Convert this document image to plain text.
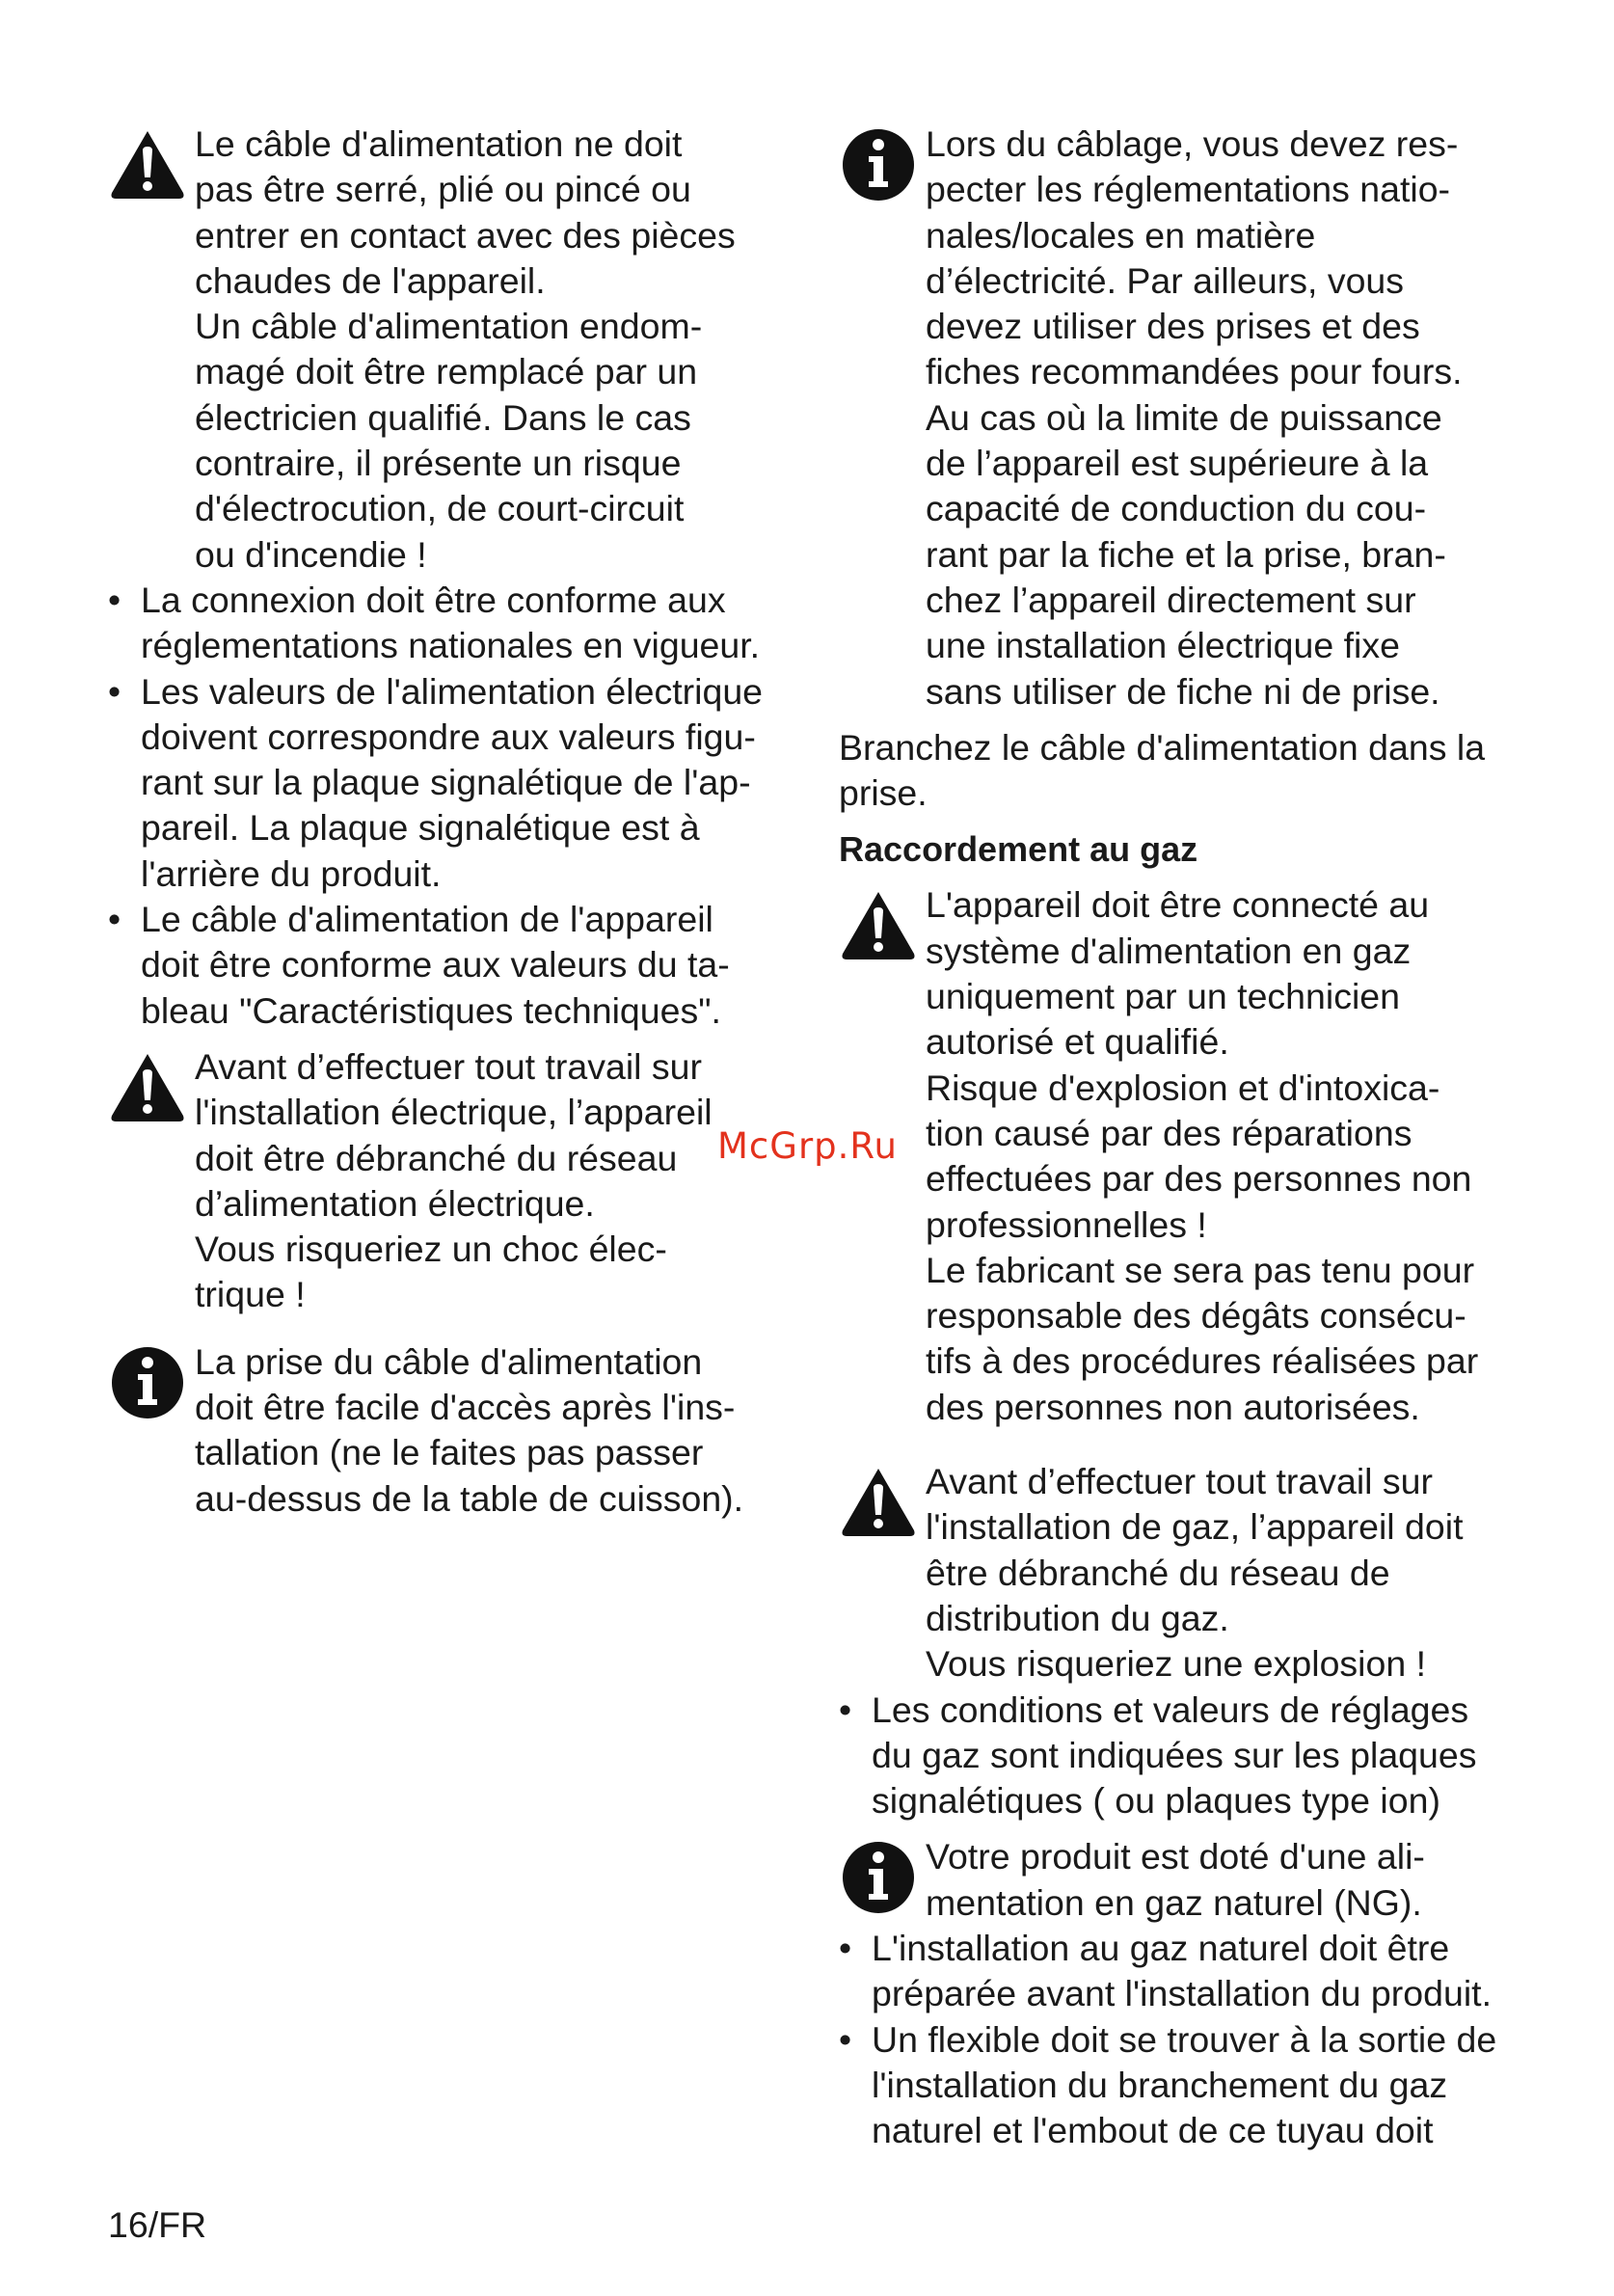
Le câble d'alimentation ne doit
pas être serré, plié ou pincé ou
entrer en contact avec des pièces
chaudes de l'appareil.
Un câble d'alimentation endom-
magé doit être remplacé par un
électricien qualifié. Dans le cas
contraire, il présente un risque
d'électrocution, de court-circuit
ou d'incendie !
• La connexion doit être conforme aux
réglementations nationales en vigueur.
• Les valeurs de l'alimentation électrique
doivent correspondre aux valeurs figu-
rant sur la plaque signalétique de l'ap-
pareil. La plaque signalétique est à
l'arrière du produit.
• Le câble d'alimentation de l'appareil
doit être conforme aux valeurs du ta-
bleau "Caractéristiques techniques".
Avant d’effectuer tout travail sur
l'installation électrique, l’appareil
doit être débranché du réseau
d’alimentation électrique.
Vous risqueriez un choc élec-
trique !
La prise du câble d'alimentation
doit être facile d'accès après l'ins-
tallation (ne le faites pas passer
au-dessus de la table de cuisson).
Lors du câblage, vous devez res-
pecter les réglementations natio-
nales/locales en matière
d’électricité. Par ailleurs, vous
devez utiliser des prises et des
fiches recommandées pour fours.
Au cas où la limite de puissance
de l’appareil est supérieure à la
capacité de conduction du cou-
rant par la fiche et la prise, bran-
chez l’appareil directement sur
une installation électrique fixe
sans utiliser de fiche ni de prise.

Branchez le câble d'alimentation dans la
prise.

Raccordement au gaz
L'appareil doit être connecté au
système d'alimentation en gaz
uniquement par un technicien
autorisé et qualifié.
Risque d'explosion et d'intoxica-
tion causé par des réparations
effectuées par des personnes non
professionnelles !
Le fabricant se sera pas tenu pour
responsable des dégâts consécu-
tifs à des procédures réalisées par
des personnes non autorisées.
Avant d’effectuer tout travail sur
l'installation de gaz, l’appareil doit
être débranché du réseau de
distribution du gaz.
Vous risqueriez une explosion !
• Les conditions et valeurs de réglages
du gaz sont indiquées sur les plaques
signalétiques ( ou plaques type ion)
Votre produit est doté d'une ali-
mentation en gaz naturel (NG).
• L'installation au gaz naturel doit être
préparée avant l'installation du produit.
• Un flexible doit se trouver à la sortie de
l'installation du branchement du gaz
naturel et l'embout de ce tuyau doit
McGrp.Ru
16/FR
